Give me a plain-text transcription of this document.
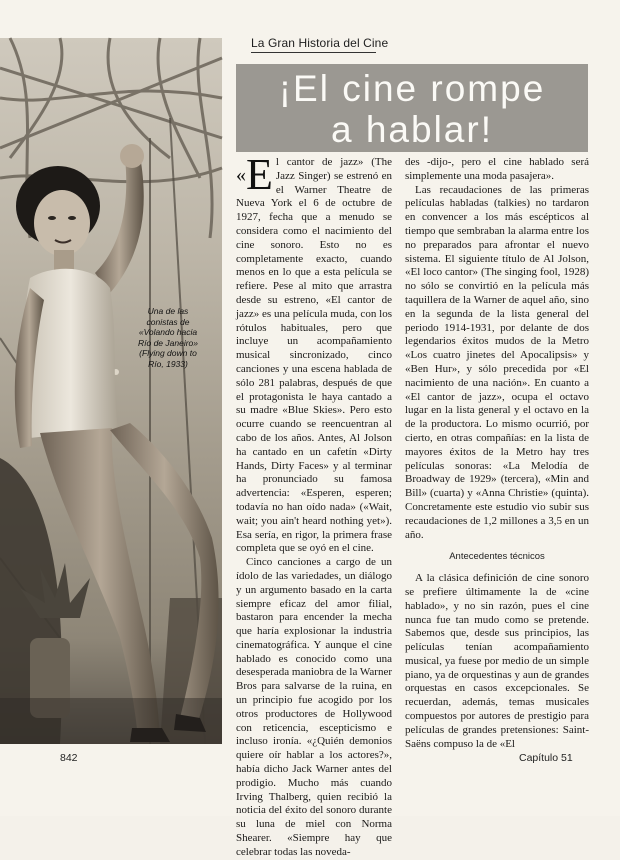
Una de las conistas de «Volando hacia Río de Janeiro» (Flying down to Río, 1933)
La Gran Historia del Cine
¡El cine rompe
a hablar!

«E l cantor de jazz» (The Jazz Singer) se estrenó en el Warner Theatre de Nueva York el 6 de octubre de 1927, fecha que a menudo se considera como el nacimiento del cine sonoro. Esto no es completamente exacto, cuando menos en lo que a esta película se refiere. Pese al mito que arrastra desde su estreno, «El cantor de jazz» es una película muda, con los rótulos habituales, pero que incluye un acompañamiento musical sincronizado, cinco canciones y una escena hablada de sólo 281 palabras, después de que el protagonista le haya cantado a su madre «Blue Skies». Pero esto ocurre cuando se reencuentran al cabo de los años. Antes, Al Jolson ha cantado en un cafetín «Dirty Hands, Dirty Faces» y al terminar ha pronunciado su famosa advertencia: «Esperen, esperen; todavía no han oído nada» («Wait, wait; you ain't heard nothing yet»). Esa sería, en rigor, la primera frase completa que se oyó en el cine.

Cinco canciones a cargo de un ídolo de las variedades, un diálogo y un argumento basado en la carta siempre eficaz del amor filial, bastaron para encender la mecha que haría explosionar la industria cinematográfica. Y aunque el cine hablado es conocido como una desesperada maniobra de la Warner Bros para salvarse de la ruina, en un principio fue acogido por los otros productores de Hollywood con reticencia, escepticismo e incluso ironía. «¿Quién demonios quiere oír hablar a los actores?», había dicho Jack Warner antes del prodigio. Mucho más cuando Irving Thalberg, quien recibió la noticia del éxito del sonoro durante su luna de miel con Norma Shearer. «Siempre hay que celebrar todas las noveda-

des -dijo-, pero el cine hablado será simplemente una moda pasajera».

Las recaudaciones de las primeras películas habladas (talkies) no tardaron en convencer a los más escépticos al tiempo que sembraban la alarma entre los no preparados para afrontar el nuevo sistema. El siguiente título de Al Jolson, «El loco cantor» (The singing fool, 1928) no sólo se convirtió en la película más taquillera de la Warner de aquel año, sino en la segunda de la lista general del periodo 1914-1931, por delante de dos legendarios éxitos mudos de la Metro «Los cuatro jinetes del Apocalipsis» y «Ben Hur», y sólo precedida por «El nacimiento de una nación». En cuanto a «El cantor de jazz», ocupa el octavo lugar en la lista general y el octavo en la de la productora. Lo mismo ocurrió, por cierto, en otras compañías: en la lista de mayores éxitos de la Metro hay tres películas sonoras: «La Melodía de Broadway de 1929» (tercera), «Min and Bill» (cuarta) y «Anna Christie» (quinta). Concretamente este estudio vio subir sus recaudaciones de 1,2 millones a 3,5 en un año.

Antecedentes técnicos

A la clásica definición de cine sonoro se prefiere últimamente la de «cine hablado», y no sin razón, pues el cine nunca fue tan mudo como se pretende. Sabemos que, desde sus principios, las películas tenían acompañamiento musical, ya fuese por medio de un simple piano, ya de orquestinas y aun de grandes orquestas en casos excepcionales. Se recuerdan, además, temas musicales compuestos por autores de prestigio para películas de grandes pretensiones: Saint-Saëns compuso la de «El

842	Capítulo 51
